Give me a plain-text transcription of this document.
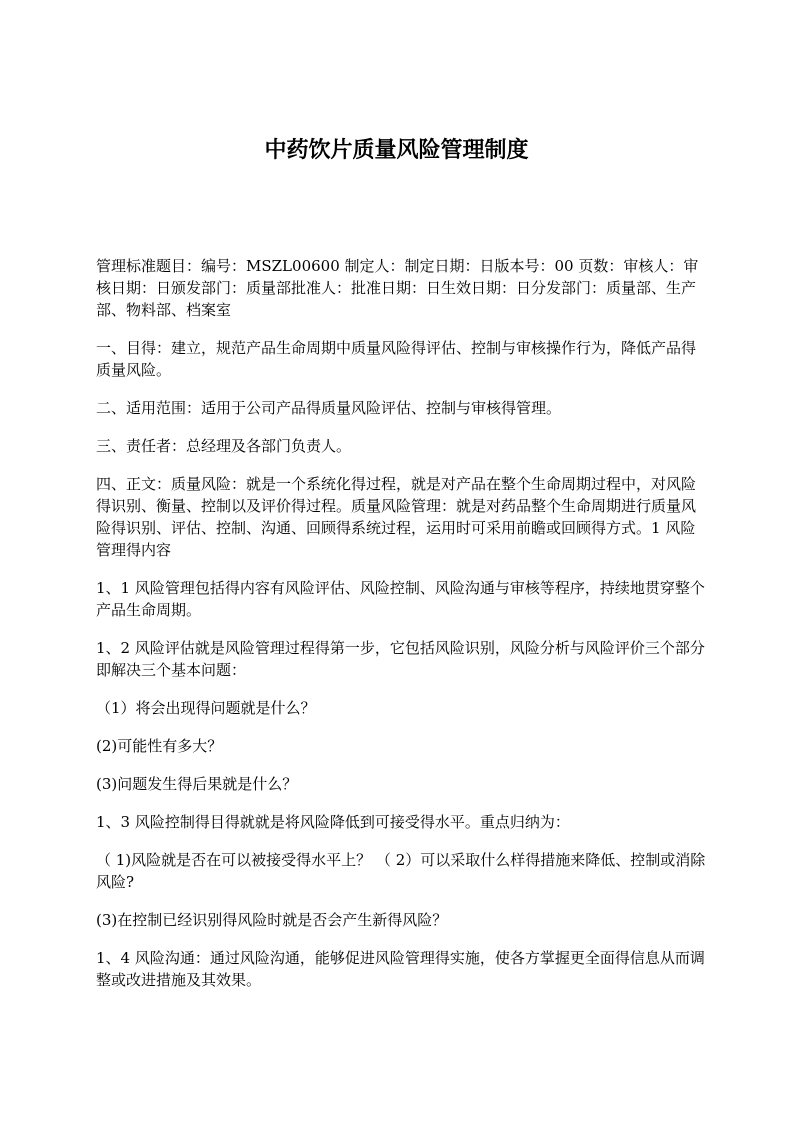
中药饮片质量风险管理制度

管理标准题目：编号：MSZL00600 制定人：制定日期：日版本号：00 页数：审核人：审核日期：日颁发部门：质量部批准人：批准日期：日生效日期：日分发部门：质量部、生产部、物料部、档案室

一、目得：建立，规范产品生命周期中质量风险得评估、控制与审核操作行为，降低产品得质量风险。

二、适用范围：适用于公司产品得质量风险评估、控制与审核得管理。

三、责任者：总经理及各部门负责人。

四、正文：质量风险：就是一个系统化得过程，就是对产品在整个生命周期过程中，对风险得识别、衡量、控制以及评价得过程。质量风险管理：就是对药品整个生命周期进行质量风险得识别、评估、控制、沟通、回顾得系统过程，运用时可采用前瞻或回顾得方式。1 风险管理得内容

1、1 风险管理包括得内容有风险评估、风险控制、风险沟通与审核等程序，持续地贯穿整个产品生命周期。

1、2 风险评估就是风险管理过程得第一步，它包括风险识别，风险分析与风险评价三个部分即解决三个基本问题：

（1）将会出现得问题就是什么？

(2)可能性有多大？

(3)问题发生得后果就是什么？

1、3 风险控制得目得就就是将风险降低到可接受得水平。重点归纳为：

（ 1)风险就是否在可以被接受得水平上？ （ 2）可以采取什么样得措施来降低、控制或消除风险?

(3)在控制已经识别得风险时就是否会产生新得风险？

1、4 风险沟通：通过风险沟通，能够促进风险管理得实施，使各方掌握更全面得信息从而调整或改进措施及其效果。
